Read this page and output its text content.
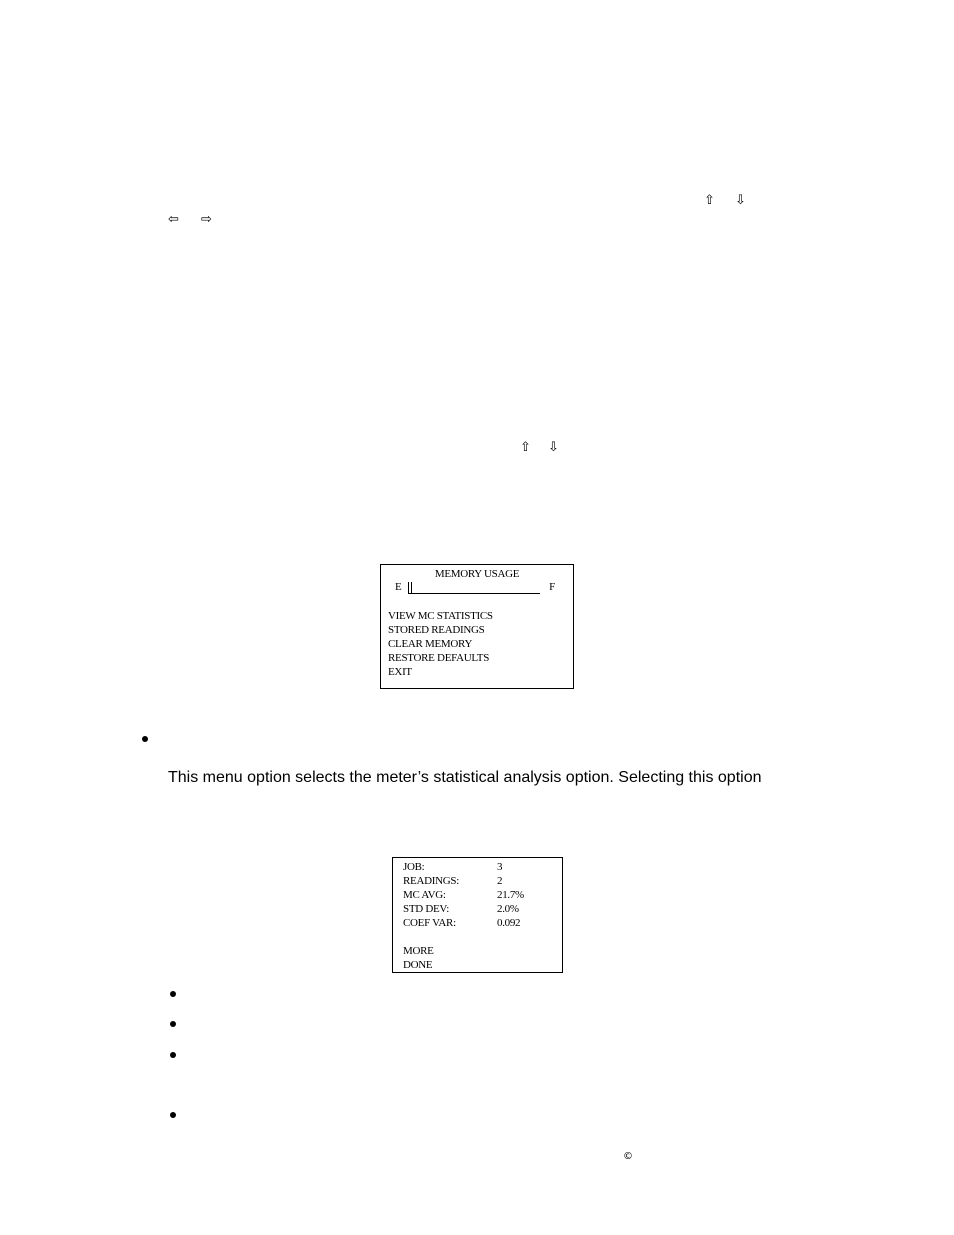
⇧ ⇩
⇦ ⇨
⇧ ⇩
MEMORY USAGE
E	F
VIEW MC STATISTICS
STORED READINGS
CLEAR MEMORY
RESTORE DEFAULTS
EXIT
This menu option selects the meter’s statistical analysis option. Selecting this option
JOB:	3
READINGS:	2
MC AVG:	21.7%
STD DEV:	2.0%
COEF VAR:	0.092
MORE
DONE
©
